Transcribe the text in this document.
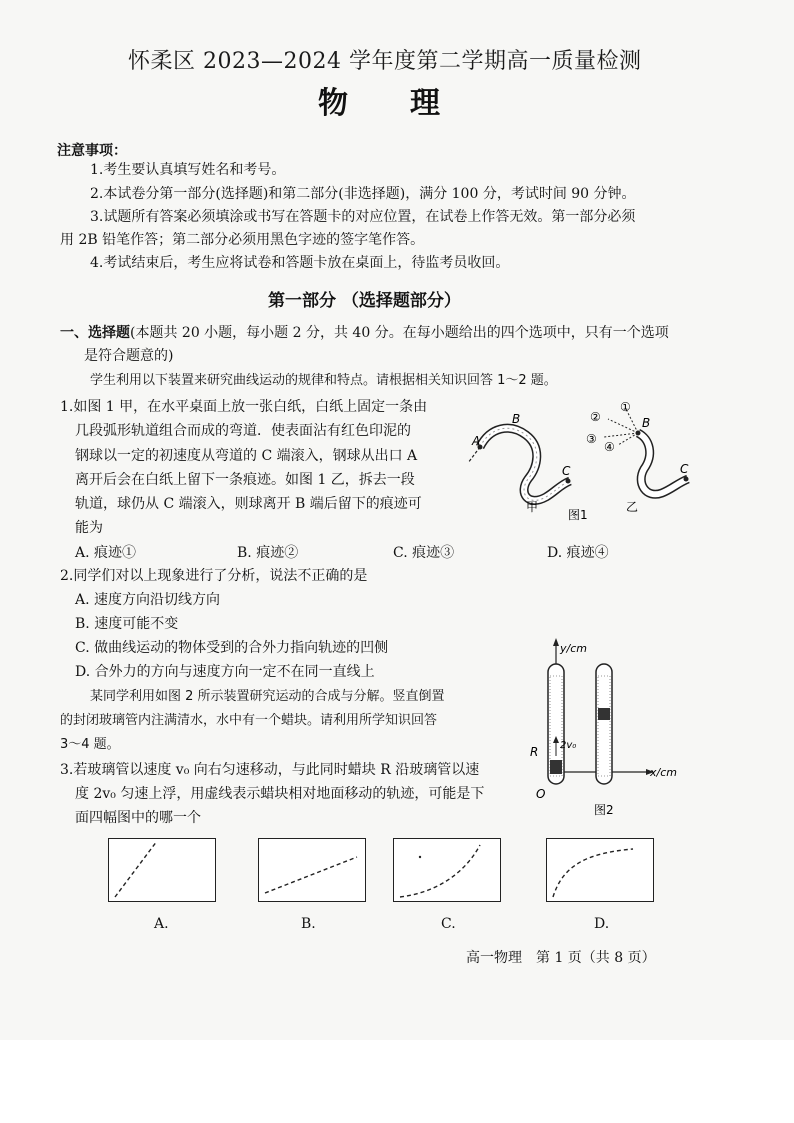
怀柔区 2023—2024 学年度第二学期高一质量检测
物 理
注意事项：
1.考生要认真填写姓名和考号。
2.本试卷分第一部分(选择题)和第二部分(非选择题)，满分 100 分，考试时间 90 分钟。
3.试题所有答案必须填涂或书写在答题卡的对应位置，在试卷上作答无效。第一部分必须
用 2B 铅笔作答；第二部分必须用黑色字迹的签字笔作答。
4.考试结束后，考生应将试卷和答题卡放在桌面上，待监考员收回。
第一部分 （选择题部分）
一、选择题(本题共 20 小题，每小题 2 分，共 40 分。在每小题给出的四个选项中，只有一个选项
是符合题意的)
学生利用以下装置来研究曲线运动的规律和特点。请根据相关知识回答 1～2 题。
1.如图 1 甲，在水平桌面上放一张白纸，白纸上固定一条由
几段弧形轨道组合而成的弯道．使表面沾有红色印泥的
钢球以一定的初速度从弯道的 C 端滚入，钢球从出口 A
离开后会在白纸上留下一条痕迹。如图 1 乙，拆去一段
轨道，球仍从 C 端滚入，则球离开 B 端后留下的痕迹可
能为
A
B
C
甲
①
②
③
④
B
C
图1
乙
A. 痕迹①	B. 痕迹②	C. 痕迹③	D. 痕迹④
2.同学们对以上现象进行了分析，说法不正确的是
A. 速度方向沿切线方向
B. 速度可能不变
C. 做曲线运动的物体受到的合外力指向轨迹的凹侧
D. 合外力的方向与速度方向一定不在同一直线上
某同学利用如图 2 所示装置研究运动的合成与分解。竖直倒置
的封闭玻璃管内注满清水，水中有一个蜡块。请利用所学知识回答
3～4 题。
3.若玻璃管以速度 v₀ 向右匀速移动，与此同时蜡块 R 沿玻璃管以速
度 2v₀ 匀速上浮，用虚线表示蜡块相对地面移动的轨迹，可能是下
面四幅图中的哪一个
y/cm
x/cm
O
R 2v₀
图2
A.	B.	C.	D.
高一物理　第 1 页（共 8 页）
